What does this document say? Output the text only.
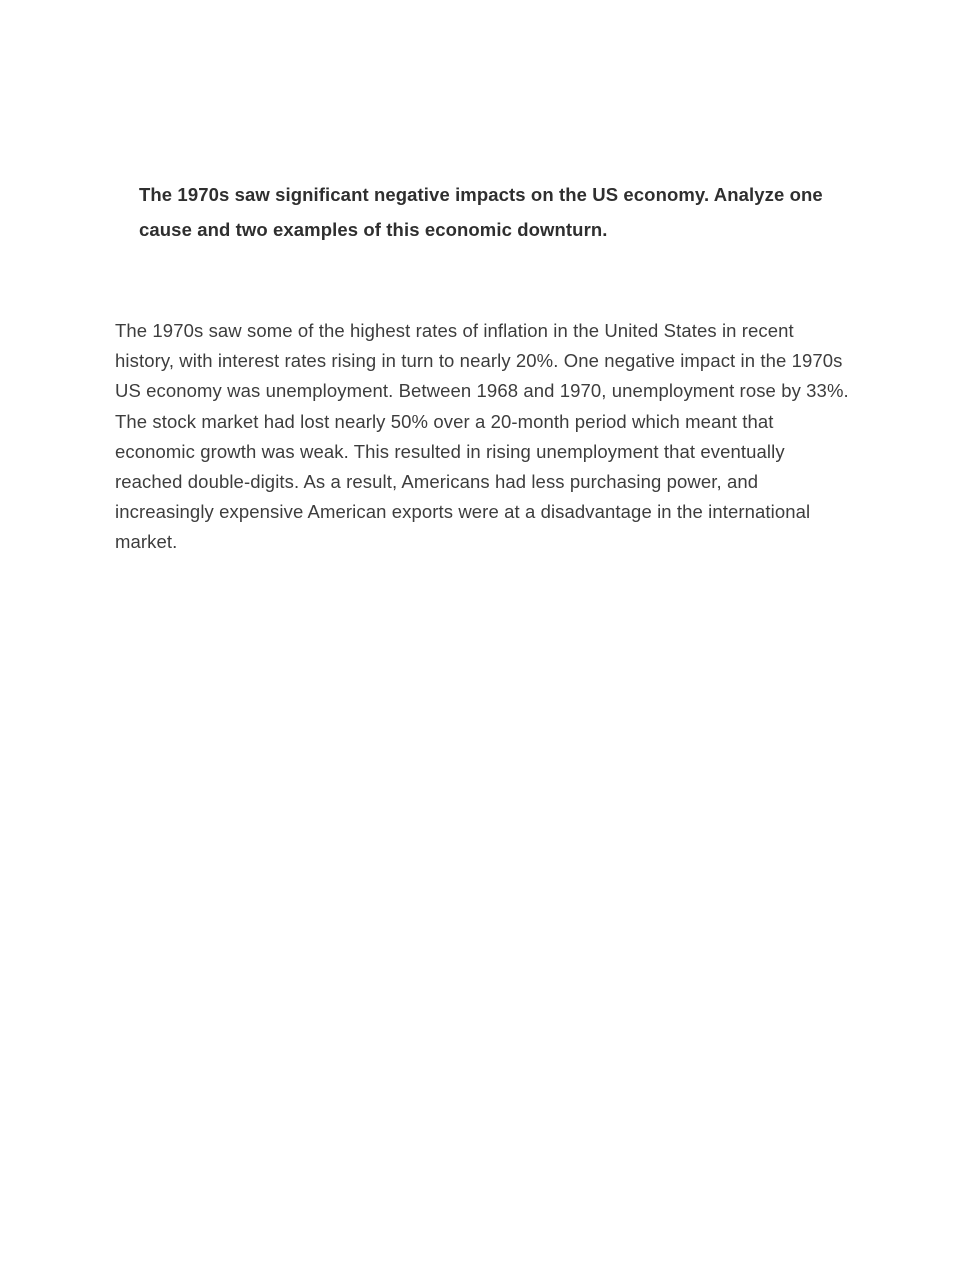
The 1970s saw significant negative impacts on the US economy. Analyze one cause and two examples of this economic downturn.

The 1970s saw some of the highest rates of inflation in the United States in recent history, with interest rates rising in turn to nearly 20%. One negative impact in the 1970s US economy was unemployment. Between 1968 and 1970, unemployment rose by 33%. The stock market had lost nearly 50% over a 20-month period which meant that economic growth was weak. This resulted in rising unemployment that eventually reached double-digits. As a result, Americans had less purchasing power, and increasingly expensive American exports were at a disadvantage in the international market.
